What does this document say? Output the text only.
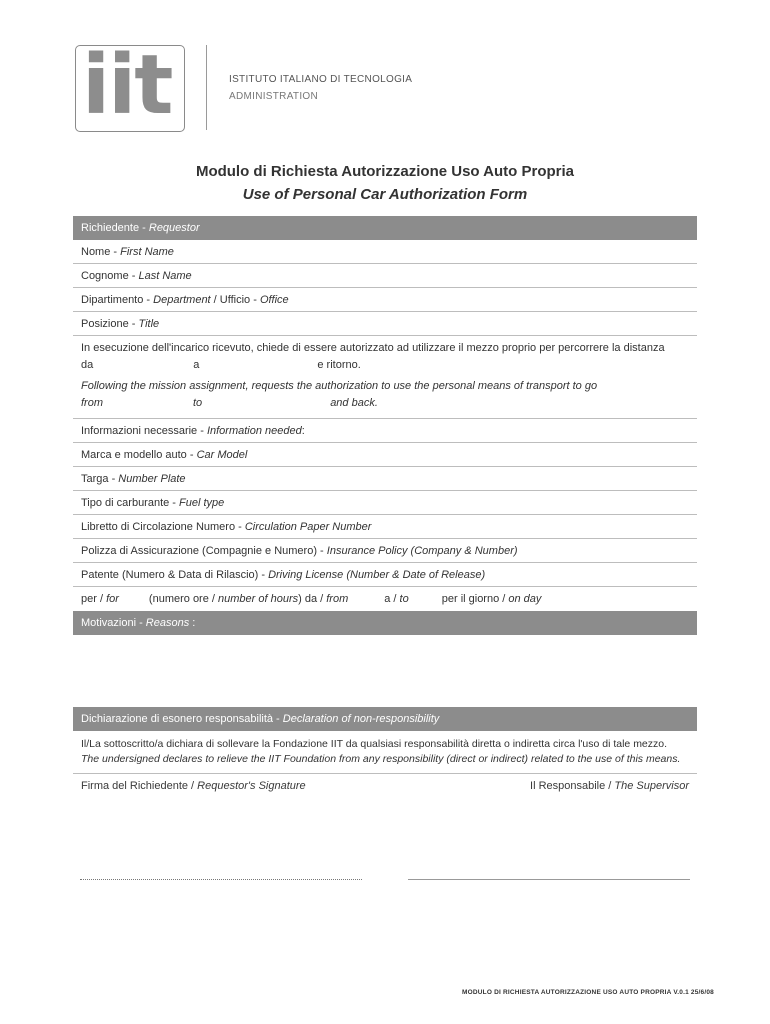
iit	ISTITUTO ITALIANO DI TECNOLOGIA
ADMINISTRATION
Modulo di Richiesta Autorizzazione Uso Auto Propria
Use of Personal Car Authorization Form
Richiedente - Requestor
Nome - First Name
Cognome - Last Name
Dipartimento - Department / Ufficio - Office
Posizione - Title
In esecuzione dell'incarico ricevuto, chiede di essere autorizzato ad utilizzare il mezzo proprio per percorrere la distanza
da	a	e ritorno.
Following the mission assignment, requests the authorization to use the personal means of transport to go
from	to	and back.
Informazioni necessarie - Information needed:
Marca e modello auto - Car Model
Targa - Number Plate
Tipo di carburante - Fuel type
Libretto di Circolazione Numero - Circulation Paper Number
Polizza di Assicurazione (Compagnie e Numero) - Insurance Policy (Company & Number)
Patente (Numero & Data di Rilascio) - Driving License (Number & Date of Release)
per / for	(numero ore / number of hours) da / from	a / to	per il giorno / on day
Motivazioni - Reasons :
Dichiarazione di esonero responsabilità - Declaration of non-responsibility
Il/La sottoscritto/a dichiara di sollevare la Fondazione IIT da qualsiasi responsabilità diretta o indiretta circa l'uso di tale mezzo.
The undersigned declares to relieve the IIT Foundation from any responsibility (direct or indirect) related to the use of this means.
Firma del Richiedente / Requestor's Signature	Il Responsabile / The Supervisor
MODULO DI RICHIESTA AUTORIZZAZIONE USO AUTO PROPRIA V.0.1 25/6/08
